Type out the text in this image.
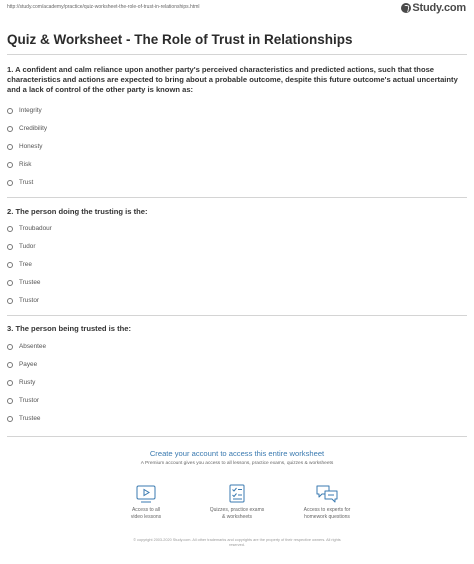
http://study.com/academy/practice/quiz-worksheet-the-role-of-trust-in-relationships.html	Study.com
Quiz & Worksheet - The Role of Trust in Relationships
1. A confident and calm reliance upon another party's perceived characteristics and predicted actions, such that those characteristics and actions are expected to bring about a probable outcome, despite this future outcome's actual uncertainty and a lack of control of the other party is known as:
Integrity
Credibility
Honesty
Risk
Trust
2. The person doing the trusting is the:
Troubadour
Tudor
Tree
Trustee
Trustor
3. The person being trusted is the:
Absentee
Payee
Rusty
Trustor
Trustee
Create your account to access this entire worksheet
A Premium account gives you access to all lessons, practice exams, quizzes & worksheets
Access to all
video lessons
Quizzes, practice exams
& worksheets
Access to experts for
homework questions
© copyright 2003-2020 Study.com. All other trademarks and copyrights are the property of their respective owners. All rights
reserved.
